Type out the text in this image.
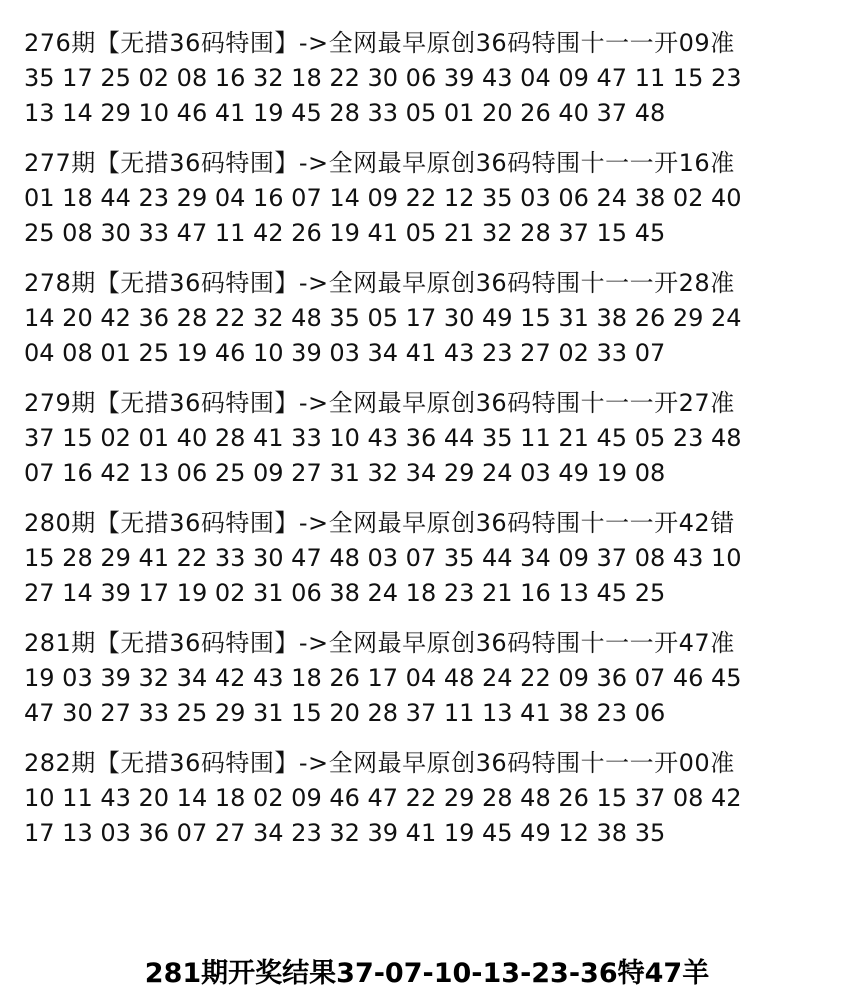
276期【无措36码特围】->全网最早原创36码特围十一一开09准
35 17 25 02 08 16 32 18 22 30 06 39 43 04 09 47 11 15 23
13 14 29 10 46 41 19 45 28 33 05 01 20 26 40 37 48
277期【无措36码特围】->全网最早原创36码特围十一一开16准
01 18 44 23 29 04 16 07 14 09 22 12 35 03 06 24 38 02 40
25 08 30 33 47 11 42 26 19 41 05 21 32 28 37 15 45
278期【无措36码特围】->全网最早原创36码特围十一一开28准
14 20 42 36 28 22 32 48 35 05 17 30 49 15 31 38 26 29 24
04 08 01 25 19 46 10 39 03 34 41 43 23 27 02 33 07
279期【无措36码特围】->全网最早原创36码特围十一一开27准
37 15 02 01 40 28 41 33 10 43 36 44 35 11 21 45 05 23 48
07 16 42 13 06 25 09 27 31 32 34 29 24 03 49 19 08
280期【无措36码特围】->全网最早原创36码特围十一一开42错
15 28 29 41 22 33 30 47 48 03 07 35 44 34 09 37 08 43 10
27 14 39 17 19 02 31 06 38 24 18 23 21 16 13 45 25
281期【无措36码特围】->全网最早原创36码特围十一一开47准
19 03 39 32 34 42 43 18 26 17 04 48 24 22 09 36 07 46 45
47 30 27 33 25 29 31 15 20 28 37 11 13 41 38 23 06
282期【无措36码特围】->全网最早原创36码特围十一一开00准
10 11 43 20 14 18 02 09 46 47 22 29 28 48 26 15 37 08 42
17 13 03 36 07 27 34 23 32 39 41 19 45 49 12 38 35
281期开奖结果37-07-10-13-23-36特47羊
